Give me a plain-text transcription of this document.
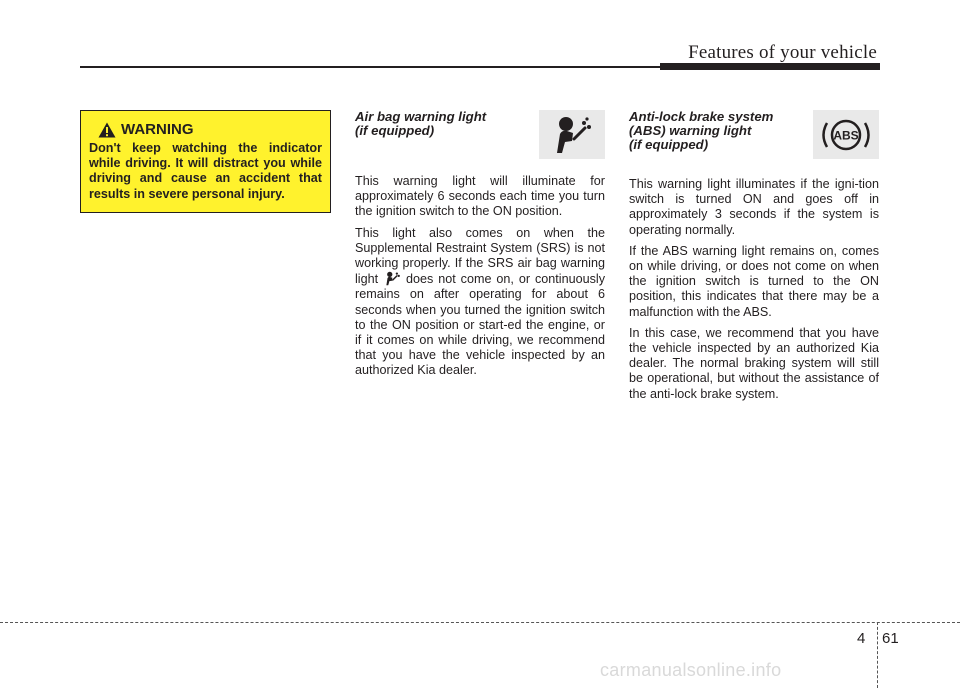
Features of your vehicle
WARNING
Don't keep watching the indicator while driving. It will distract you while driving and cause an accident that results in severe personal injury.
Air bag warning light
(if equipped)

This warning light will illuminate for approximately 6 seconds each time you turn the ignition switch to the ON position.

This light also comes on when the Supplemental Restraint System (SRS) is not working properly. If the SRS air bag warning light does not come on, or continuously remains on after operating for about 6 seconds when you turned the ignition switch to the ON position or start-ed the engine, or if it comes on while driving, we recommend that you have the vehicle inspected by an authorized Kia dealer.

Anti-lock brake system
(ABS) warning light
(if equipped)
ABS

This warning light illuminates if the igni-tion switch is turned ON and goes off in approximately 3 seconds if the system is operating normally.

If the ABS warning light remains on, comes on while driving, or does not come on when the ignition switch is turned to the ON position, this indicates that there may be a malfunction with the ABS.

In this case, we recommend that you have the vehicle inspected by an authorized Kia dealer. The normal braking system will still be operational, but without the assistance of the anti-lock brake system.

4 61
carmanualsonline.info
